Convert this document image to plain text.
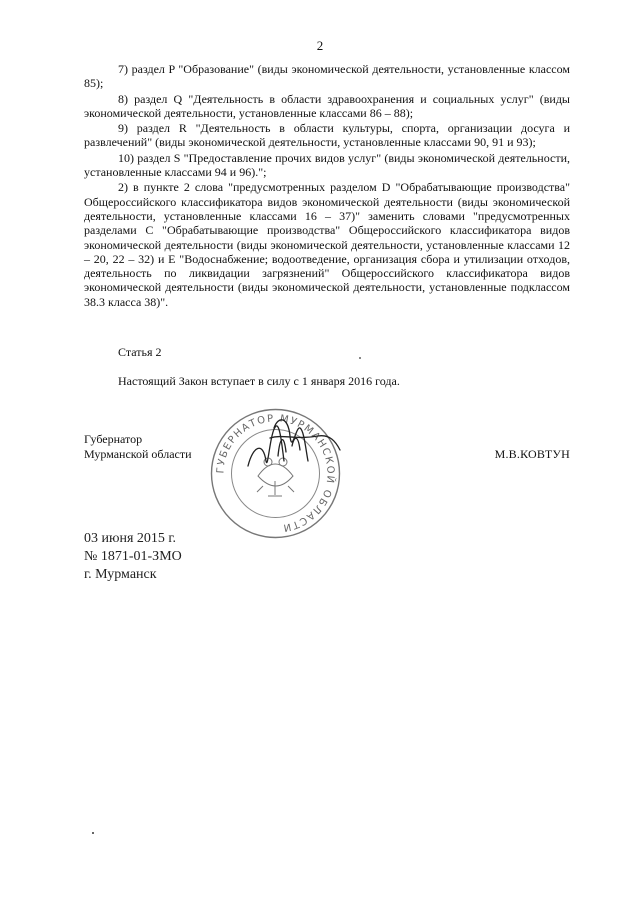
2

7) раздел P "Образование" (виды экономической деятельности, установленные классом 85);

8) раздел Q "Деятельность в области здравоохранения и социальных услуг" (виды экономической деятельности, установленные классами 86 – 88);

9) раздел R "Деятельность в области культуры, спорта, организации досуга и развлечений" (виды экономической деятельности, установленные классами 90, 91 и 93);

10) раздел S "Предоставление прочих видов услуг" (виды экономической деятельности, установленные классами 94 и 96).";

2) в пункте 2 слова "предусмотренных разделом D "Обрабатывающие производства" Общероссийского классификатора видов экономической деятельности (виды экономической деятельности, установленные классами 16 – 37)" заменить словами "предусмотренных разделами C "Обрабатывающие производства" Общероссийского классификатора видов экономической деятельности (виды экономической деятельности, установленные классами 12 – 20, 22 – 32) и E "Водоснабжение; водоотведение, организация сбора и утилизации отходов, деятельность по ликвидации загрязнений" Общероссийского классификатора видов экономической деятельности (виды экономической деятельности, установленные подклассом 38.3 класса 38)".

Статья 2
Настоящий Закон вступает в силу с 1 января 2016 года.
Губернатор
Мурманской области
ГУБЕРНАТОР МУРМАНСКОЙ ОБЛАСТИ
М.В.КОВТУН
03 июня 2015 г.
№ 1871-01-ЗМО
г. Мурманск
